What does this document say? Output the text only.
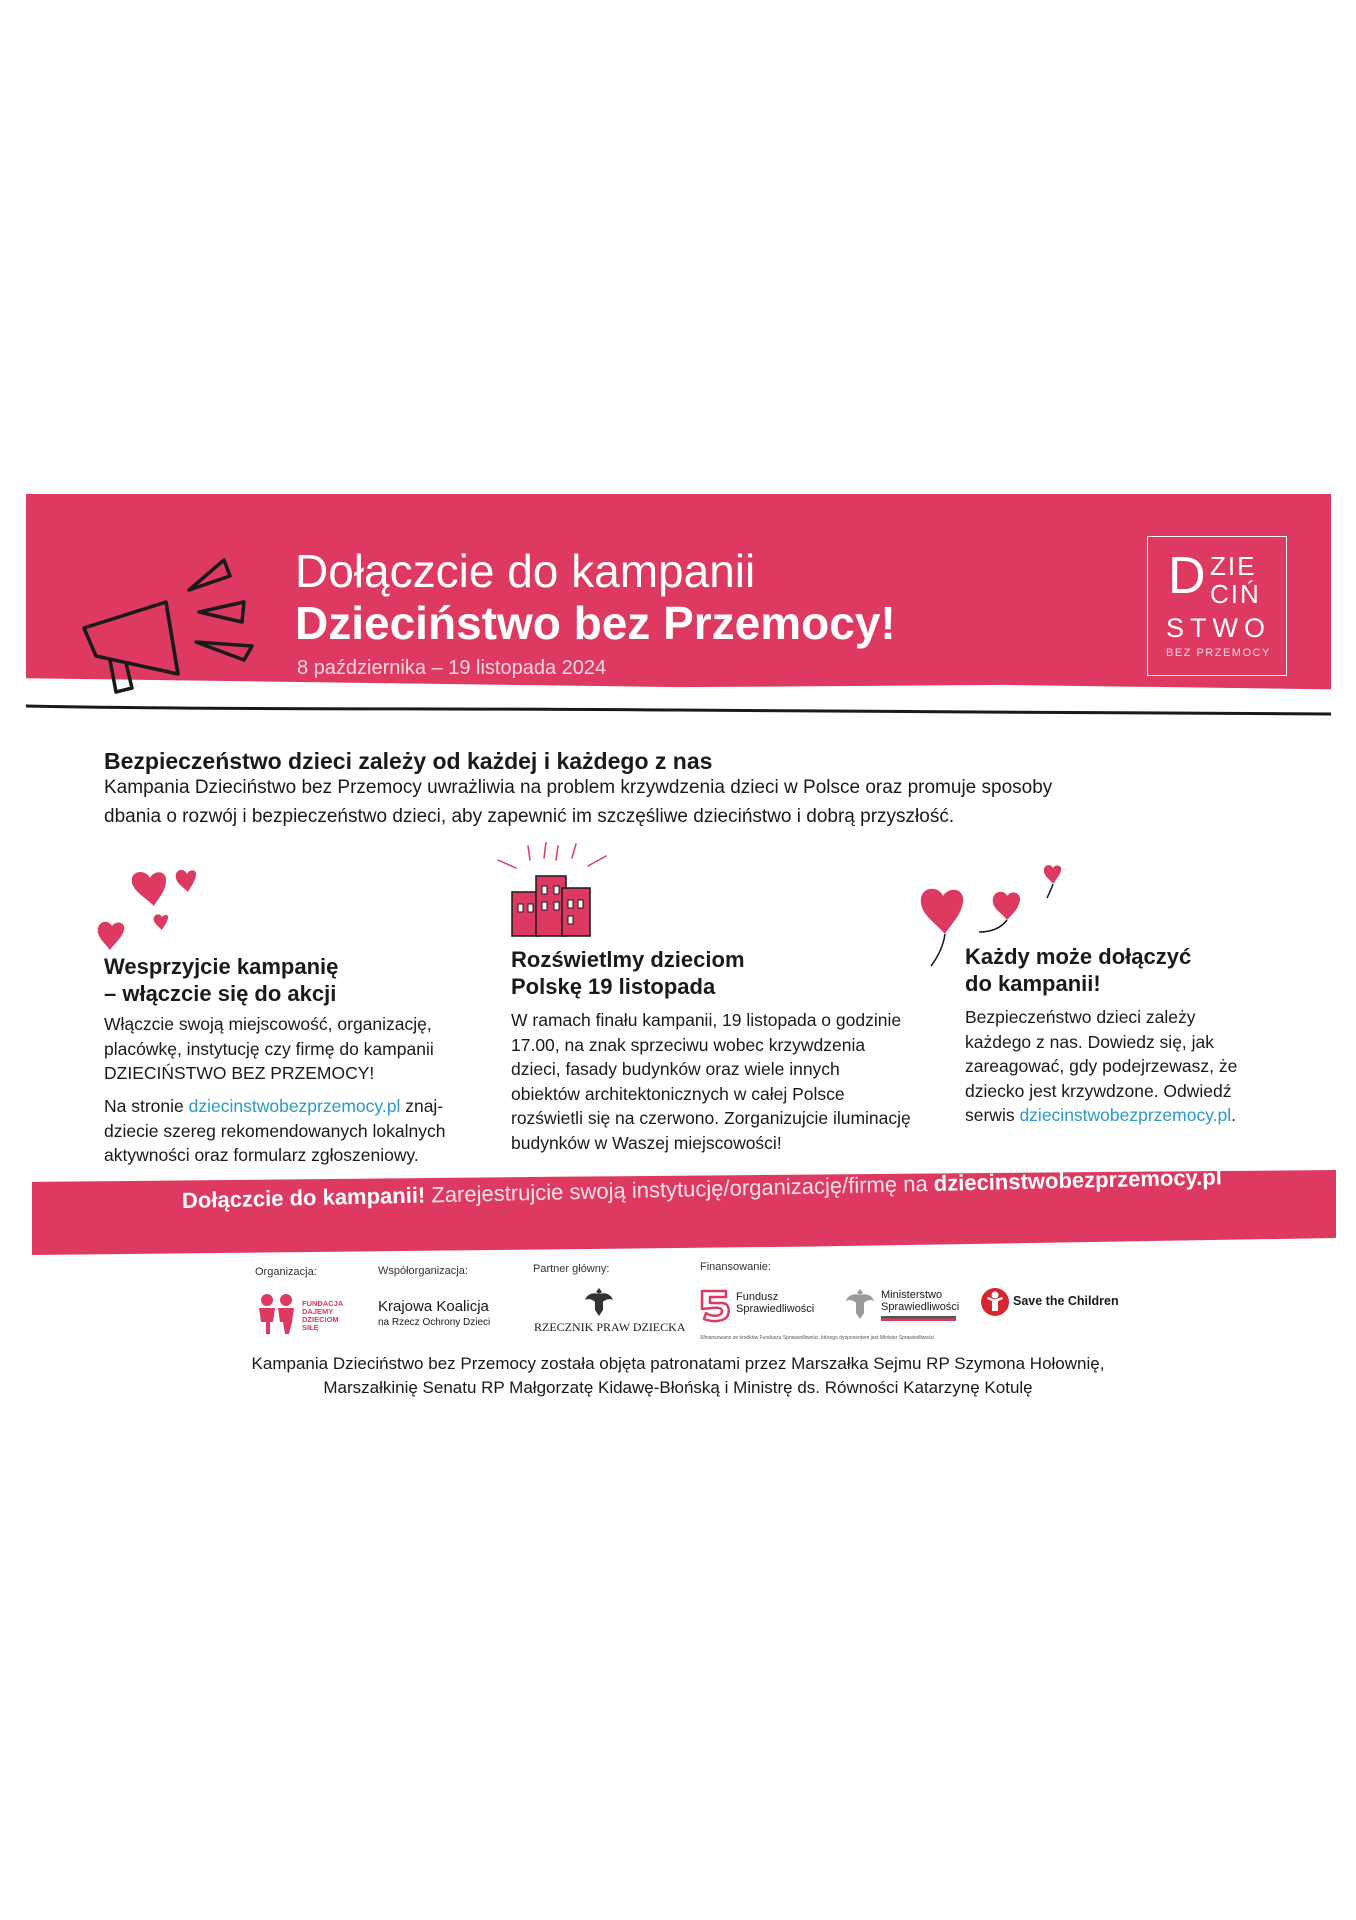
Dołączcie do kampanii
Dzieciństwo bez Przemocy!
8 października – 19 listopada 2024
D ZIE
CIŃ
STWO
BEZ PRZEMOCY
Bezpieczeństwo dzieci zależy od każdej i każdego z nas
Kampania Dzieciństwo bez Przemocy uwrażliwia na problem krzywdzenia dzieci w Polsce oraz promuje sposoby dbania o rozwój i bezpieczeństwo dzieci, aby zapewnić im szczęśliwe dzieciństwo i dobrą przyszłość.
Wesprzyjcie kampanię
– włączcie się do akcji
Włączcie swoją miejscowość, organizację, placówkę, instytucję czy firmę do kampanii DZIECIŃSTWO BEZ PRZEMOCY!
Na stronie dziecinstwobezprzemocy.pl znaj-dziecie szereg rekomendowanych lokalnych aktywności oraz formularz zgłoszeniowy.
Rozświetlmy dzieciom
Polskę 19 listopada
W ramach finału kampanii, 19 listopada o godzinie 17.00, na znak sprzeciwu wobec krzywdzenia dzieci, fasady budynków oraz wiele innych obiektów architektonicznych w całej Polsce rozświetli się na czerwono. Zorganizujcie iluminację budynków w Waszej miejscowości!
Każdy może dołączyć
do kampanii!
Bezpieczeństwo dzieci zależy każdego z nas. Dowiedz się, jak zareagować, gdy podejrzewasz, że dziecko jest krzywdzone. Odwiedź serwis dziecinstwobezprzemocy.pl.
Dołączcie do kampanii! Zarejestrujcie swoją instytucję/organizację/firmę na dziecinstwobezprzemocy.pl
Organizacja:	Współorganizacja:	Partner główny:	Finansowanie:
FUNDACJA
DAJEMY
DZIECIOM
SIŁĘ
Krajowa Koalicja
na Rzecz Ochrony Dzieci	RZECZNIK PRAW DZIECKA
Fundusz
Sprawiedliwości
Ministerstwo
Sprawiedliwości
Sfinansowano ze środków Funduszu Sprawiedliwości, którego dysponentem jest Minister Sprawiedliwości
Save the Children
Kampania Dzieciństwo bez Przemocy została objęta patronatami przez Marszałka Sejmu RP Szymona Hołownię,
Marszałkinię Senatu RP Małgorzatę Kidawę-Błońską i Ministrę ds. Równości Katarzynę Kotulę
